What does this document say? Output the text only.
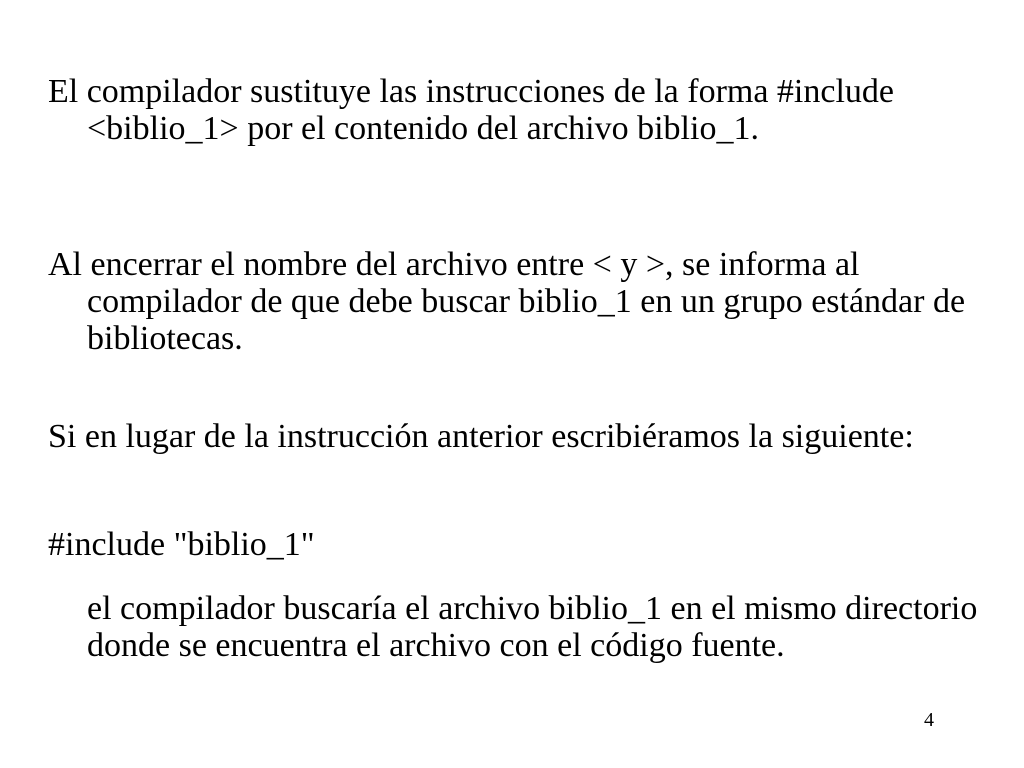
El compilador sustituye las instrucciones de la forma #include <biblio_1> por el contenido del archivo biblio_1.

Al encerrar el nombre del archivo entre < y >, se informa al compilador de que debe buscar biblio_1 en un grupo estándar de bibliotecas.

Si en lugar de la instrucción anterior escribiéramos la siguiente:

#include "biblio_1"

el compilador buscaría el archivo biblio_1 en el mismo directorio donde se encuentra el archivo con el código fuente.

4
